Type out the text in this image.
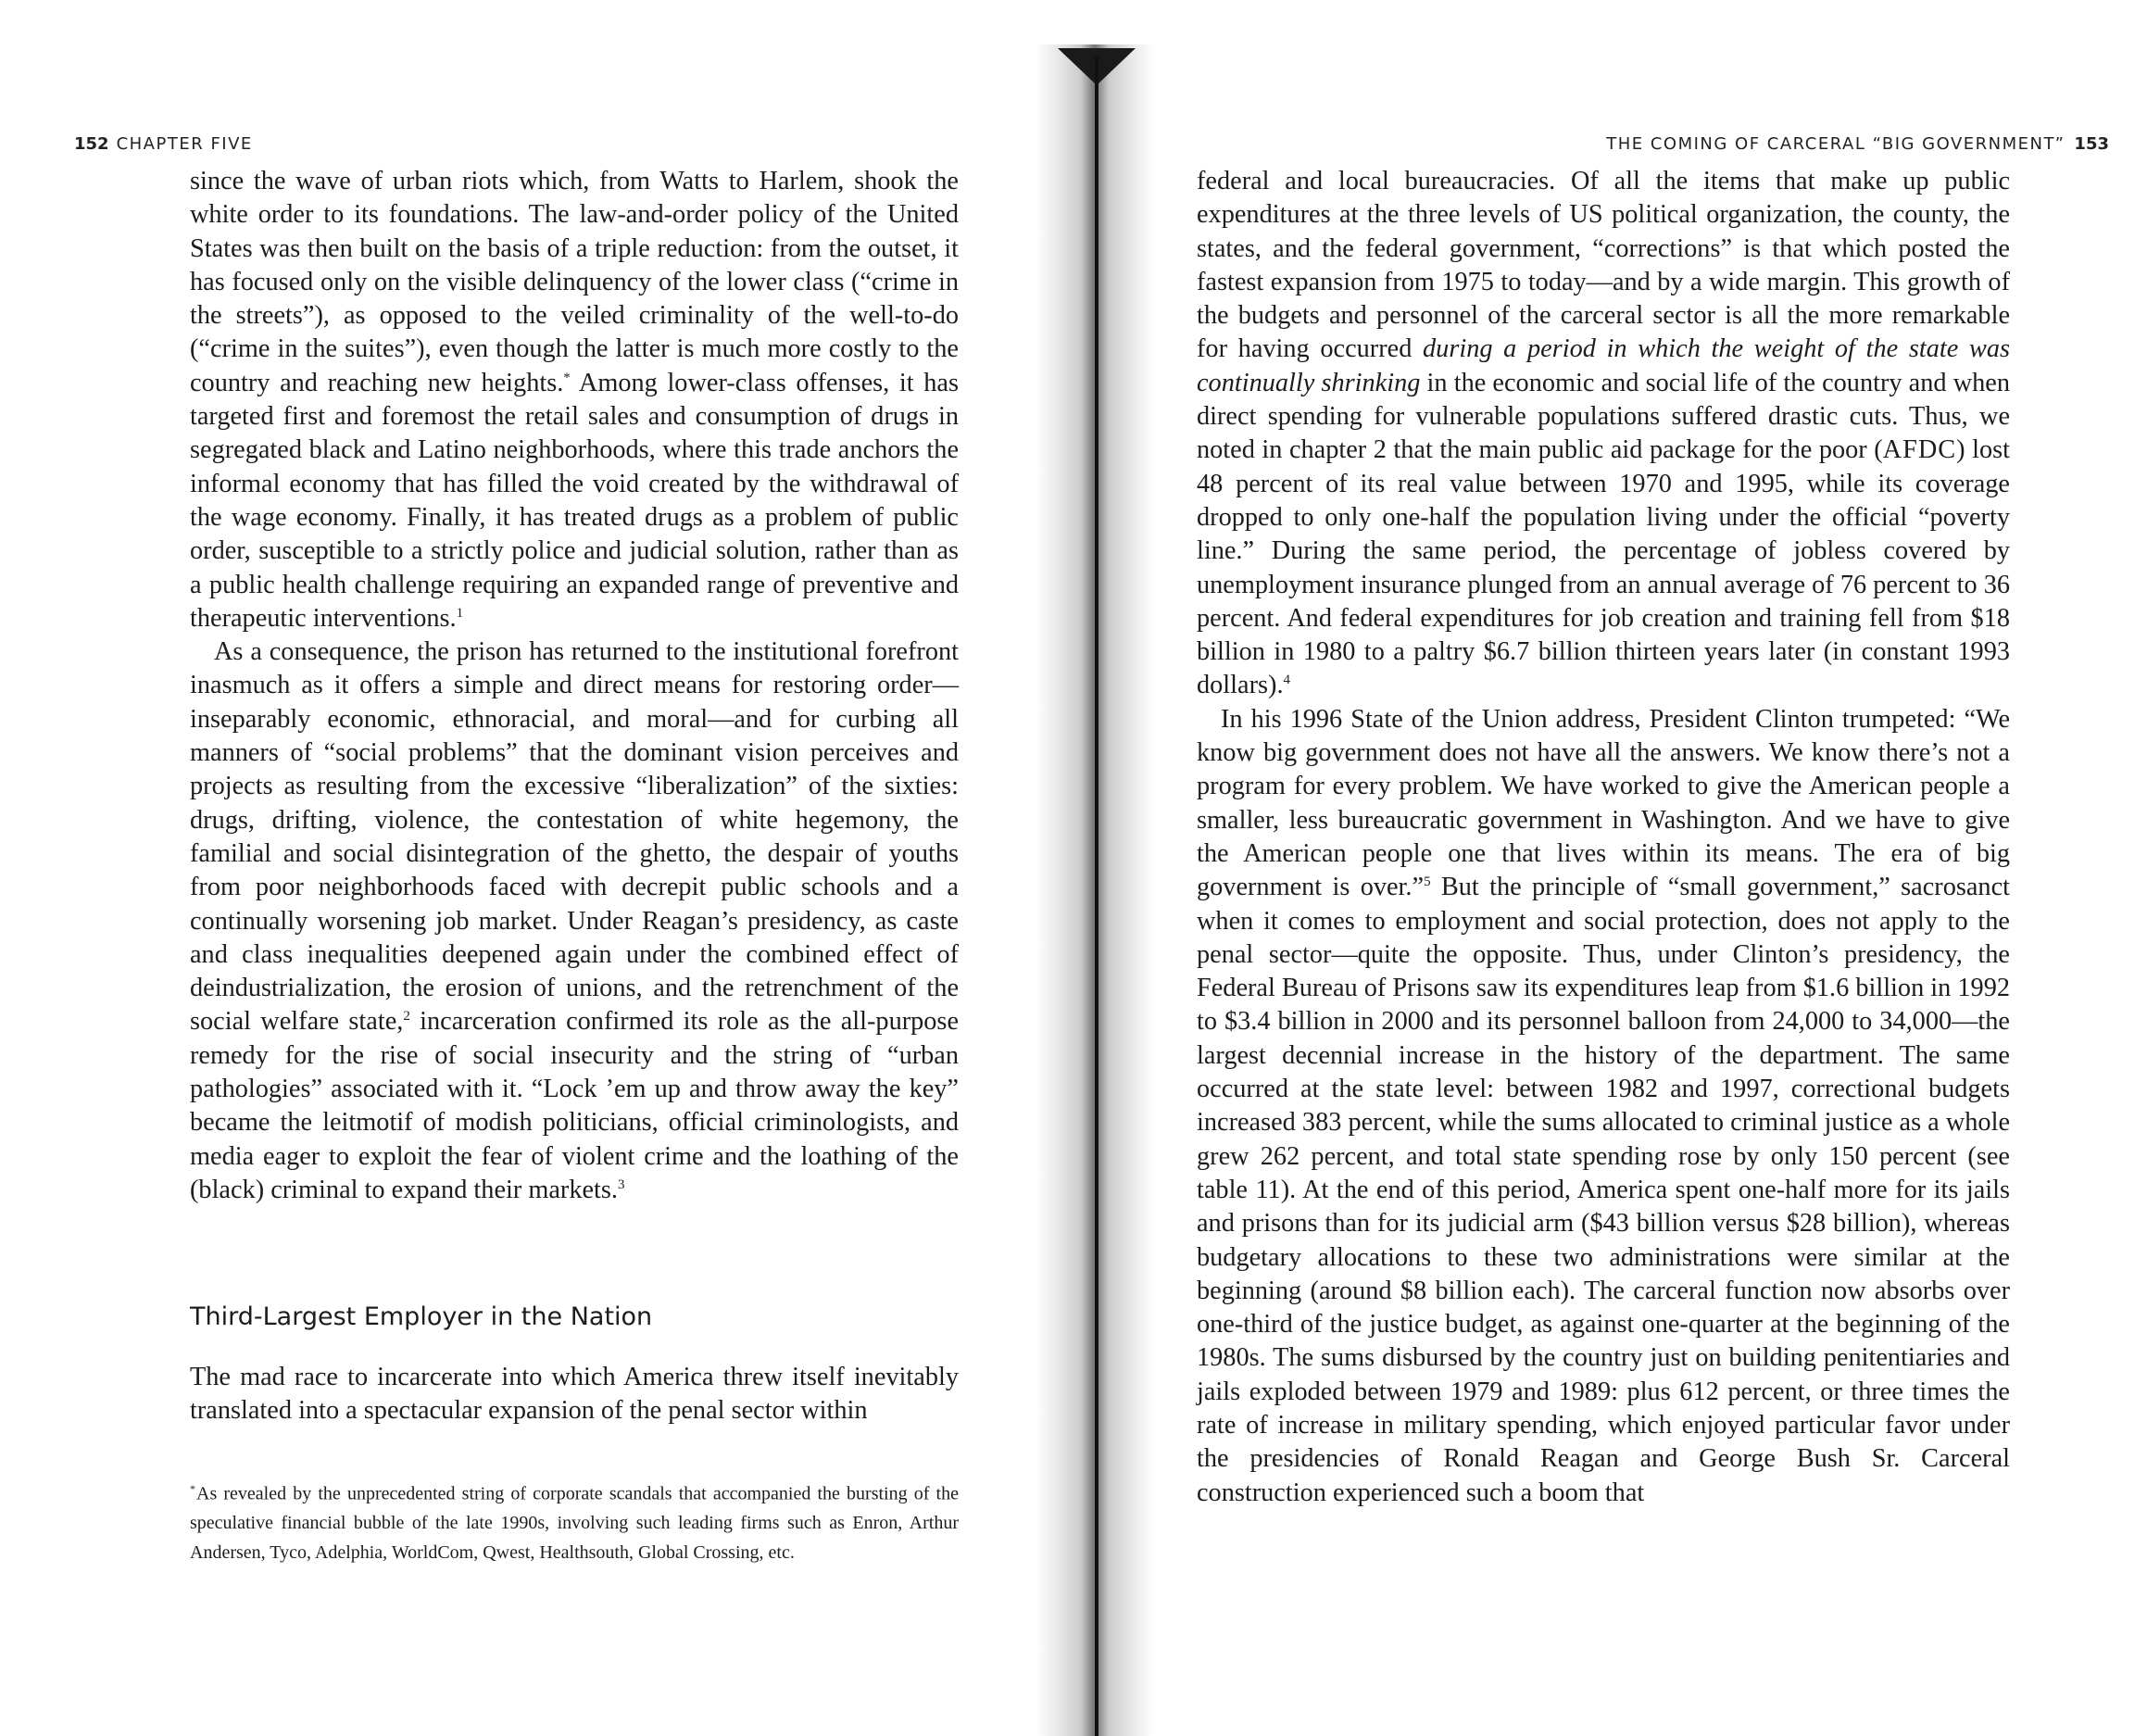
152 CHAPTER FIVE

since the wave of urban riots which, from Watts to Harlem, shook the white order to its foundations. The law-and-order policy of the United States was then built on the basis of a triple reduction: from the outset, it has focused only on the visible delinquency of the lower class (“crime in the streets”), as opposed to the veiled criminality of the well-to-do (“crime in the suites”), even though the latter is much more costly to the country and reaching new heights.* Among lower-class offenses, it has targeted first and foremost the retail sales and consumption of drugs in segregated black and Latino neighborhoods, where this trade anchors the informal economy that has filled the void created by the withdrawal of the wage economy. Finally, it has treated drugs as a problem of public order, susceptible to a strictly police and judicial solution, rather than as a public health challenge requiring an expanded range of preventive and therapeutic interventions.$^1$

As a consequence, the prison has returned to the institutional forefront inasmuch as it offers a simple and direct means for restoring order—inseparably economic, ethnoracial, and moral—and for curbing all manners of “social problems” that the dominant vision perceives and projects as resulting from the excessive “liberalization” of the sixties: drugs, drifting, violence, the contestation of white hegemony, the familial and social disintegration of the ghetto, the despair of youths from poor neighborhoods faced with decrepit public schools and a continually worsening job market. Under Reagan’s presidency, as caste and class inequalities deepened again under the combined effect of deindustrialization, the erosion of unions, and the retrenchment of the social welfare state,$^2$ incarceration confirmed its role as the all-purpose remedy for the rise of social insecurity and the string of “urban pathologies” associated with it. “Lock ’em up and throw away the key” became the leitmotif of modish politicians, official criminologists, and media eager to exploit the fear of violent crime and the loathing of the (black) criminal to expand their markets.$^3$

Third-Largest Employer in the Nation

The mad race to incarcerate into which America threw itself inevitably translated into a spectacular expansion of the penal sector within

*As revealed by the unprecedented string of corporate scandals that accompanied the bursting of the speculative financial bubble of the late 1990s, involving such leading firms such as Enron, Arthur Andersen, Tyco, Adelphia, WorldCom, Qwest, Healthsouth, Global Crossing, etc.
THE COMING OF CARCERAL “BIG GOVERNMENT” 153

federal and local bureaucracies. Of all the items that make up public expenditures at the three levels of US political organization, the county, the states, and the federal government, “corrections” is that which posted the fastest expansion from 1975 to today—and by a wide margin. This growth of the budgets and personnel of the carceral sector is all the more remarkable for having occurred during a period in which the weight of the state was continually shrinking in the economic and social life of the country and when direct spending for vulnerable populations suffered drastic cuts. Thus, we noted in chapter 2 that the main public aid package for the poor (AFDC) lost 48 percent of its real value between 1970 and 1995, while its coverage dropped to only one-half the population living under the official “poverty line.” During the same period, the percentage of jobless covered by unemployment insurance plunged from an annual average of 76 percent to 36 percent. And federal expenditures for job creation and training fell from $18 billion in 1980 to a paltry $6.7 billion thirteen years later (in constant 1993 dollars).$^4$

In his 1996 State of the Union address, President Clinton trumpeted: “We know big government does not have all the answers. We know there’s not a program for every problem. We have worked to give the American people a smaller, less bureaucratic government in Washington. And we have to give the American people one that lives within its means. The era of big government is over.”$^5$ But the principle of “small government,” sacrosanct when it comes to employment and social protection, does not apply to the penal sector—quite the opposite. Thus, under Clinton’s presidency, the Federal Bureau of Prisons saw its expenditures leap from $1.6 billion in 1992 to $3.4 billion in 2000 and its personnel balloon from 24,000 to 34,000—the largest decennial increase in the history of the department. The same occurred at the state level: between 1982 and 1997, correctional budgets increased 383 percent, while the sums allocated to criminal justice as a whole grew 262 percent, and total state spending rose by only 150 percent (see table 11). At the end of this period, America spent one-half more for its jails and prisons than for its judicial arm ($43 billion versus $28 billion), whereas budgetary allocations to these two administrations were similar at the beginning (around $8 billion each). The carceral function now absorbs over one-third of the justice budget, as against one-quarter at the beginning of the 1980s. The sums disbursed by the country just on building penitentiaries and jails exploded between 1979 and 1989: plus 612 percent, or three times the rate of increase in military spending, which enjoyed particular favor under the presidencies of Ronald Reagan and George Bush Sr. Carceral construction experienced such a boom that
